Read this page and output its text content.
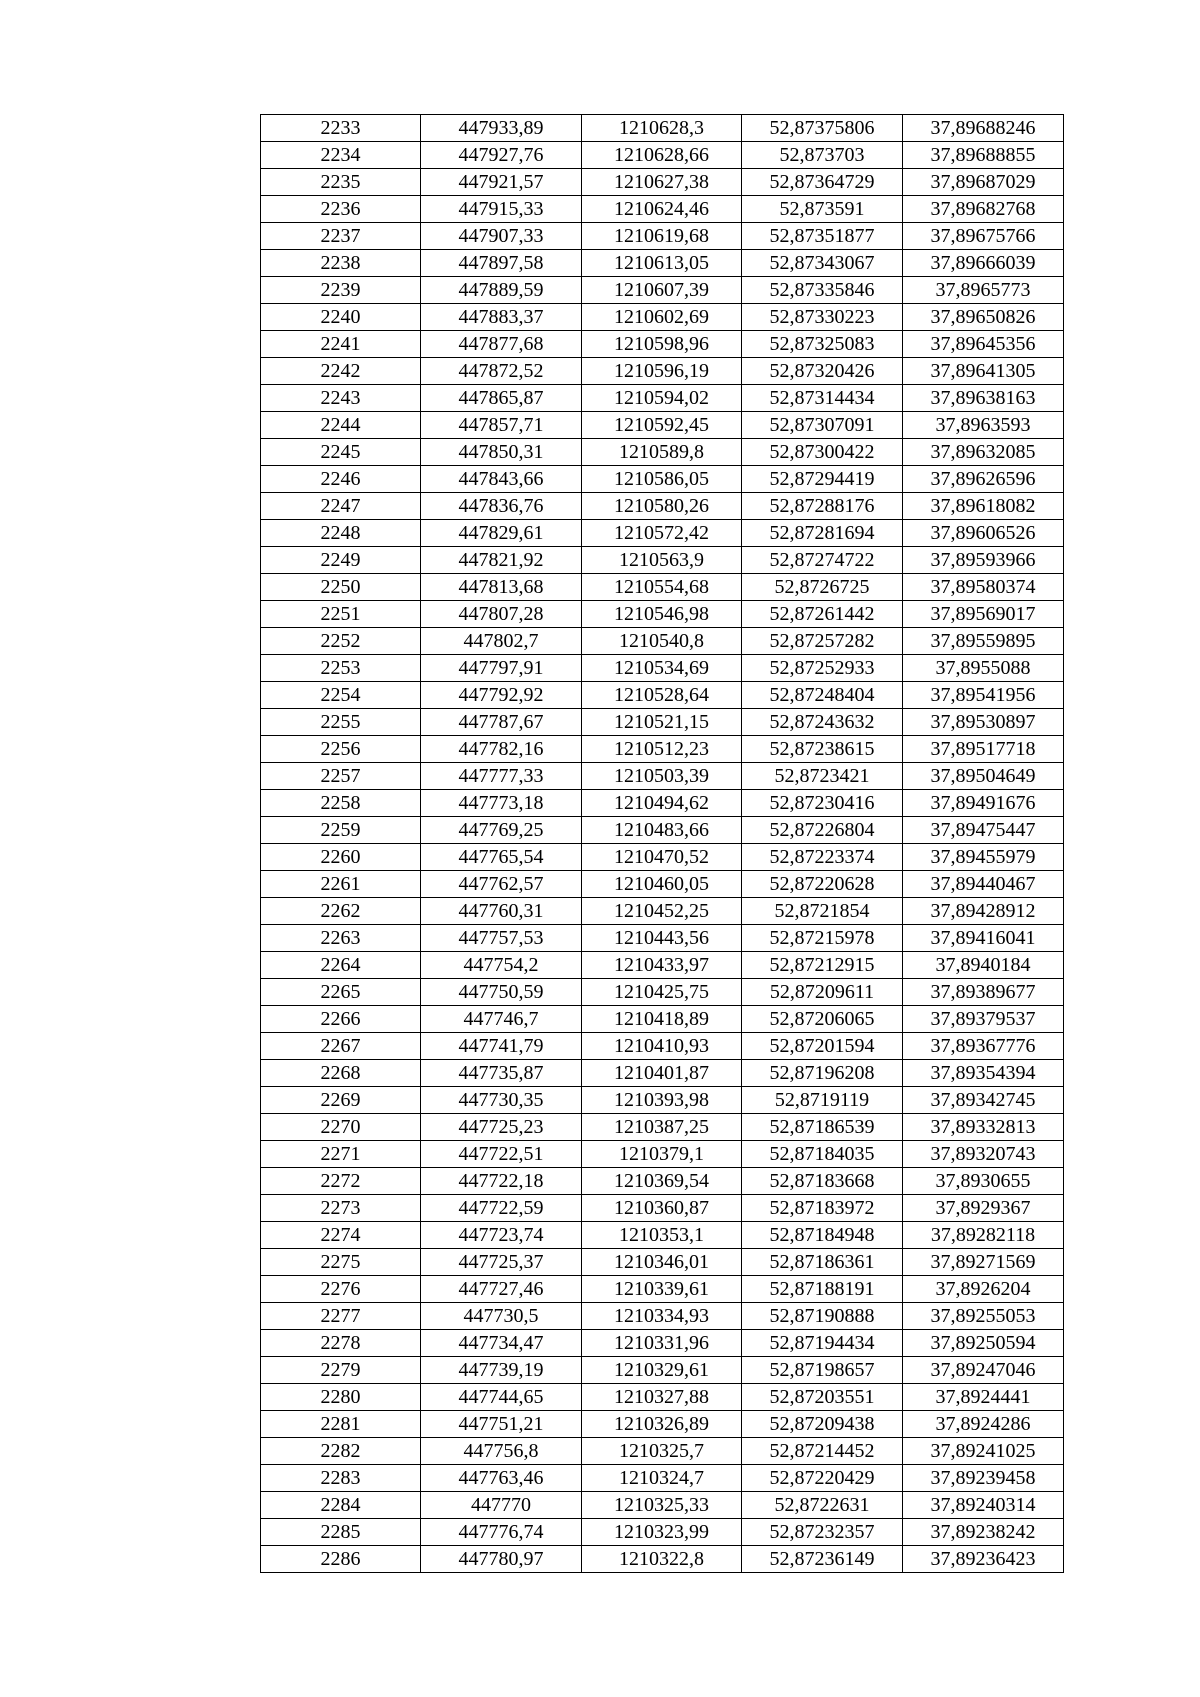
2233	447933,89	1210628,3	52,87375806	37,89688246
2234	447927,76	1210628,66	52,873703	37,89688855
2235	447921,57	1210627,38	52,87364729	37,89687029
2236	447915,33	1210624,46	52,873591	37,89682768
2237	447907,33	1210619,68	52,87351877	37,89675766
2238	447897,58	1210613,05	52,87343067	37,89666039
2239	447889,59	1210607,39	52,87335846	37,8965773
2240	447883,37	1210602,69	52,87330223	37,89650826
2241	447877,68	1210598,96	52,87325083	37,89645356
2242	447872,52	1210596,19	52,87320426	37,89641305
2243	447865,87	1210594,02	52,87314434	37,89638163
2244	447857,71	1210592,45	52,87307091	37,8963593
2245	447850,31	1210589,8	52,87300422	37,89632085
2246	447843,66	1210586,05	52,87294419	37,89626596
2247	447836,76	1210580,26	52,87288176	37,89618082
2248	447829,61	1210572,42	52,87281694	37,89606526
2249	447821,92	1210563,9	52,87274722	37,89593966
2250	447813,68	1210554,68	52,8726725	37,89580374
2251	447807,28	1210546,98	52,87261442	37,89569017
2252	447802,7	1210540,8	52,87257282	37,89559895
2253	447797,91	1210534,69	52,87252933	37,8955088
2254	447792,92	1210528,64	52,87248404	37,89541956
2255	447787,67	1210521,15	52,87243632	37,89530897
2256	447782,16	1210512,23	52,87238615	37,89517718
2257	447777,33	1210503,39	52,8723421	37,89504649
2258	447773,18	1210494,62	52,87230416	37,89491676
2259	447769,25	1210483,66	52,87226804	37,89475447
2260	447765,54	1210470,52	52,87223374	37,89455979
2261	447762,57	1210460,05	52,87220628	37,89440467
2262	447760,31	1210452,25	52,8721854	37,89428912
2263	447757,53	1210443,56	52,87215978	37,89416041
2264	447754,2	1210433,97	52,87212915	37,8940184
2265	447750,59	1210425,75	52,87209611	37,89389677
2266	447746,7	1210418,89	52,87206065	37,89379537
2267	447741,79	1210410,93	52,87201594	37,89367776
2268	447735,87	1210401,87	52,87196208	37,89354394
2269	447730,35	1210393,98	52,8719119	37,89342745
2270	447725,23	1210387,25	52,87186539	37,89332813
2271	447722,51	1210379,1	52,87184035	37,89320743
2272	447722,18	1210369,54	52,87183668	37,8930655
2273	447722,59	1210360,87	52,87183972	37,8929367
2274	447723,74	1210353,1	52,87184948	37,89282118
2275	447725,37	1210346,01	52,87186361	37,89271569
2276	447727,46	1210339,61	52,87188191	37,8926204
2277	447730,5	1210334,93	52,87190888	37,89255053
2278	447734,47	1210331,96	52,87194434	37,89250594
2279	447739,19	1210329,61	52,87198657	37,89247046
2280	447744,65	1210327,88	52,87203551	37,8924441
2281	447751,21	1210326,89	52,87209438	37,8924286
2282	447756,8	1210325,7	52,87214452	37,89241025
2283	447763,46	1210324,7	52,87220429	37,89239458
2284	447770	1210325,33	52,8722631	37,89240314
2285	447776,74	1210323,99	52,87232357	37,89238242
2286	447780,97	1210322,8	52,87236149	37,89236423
